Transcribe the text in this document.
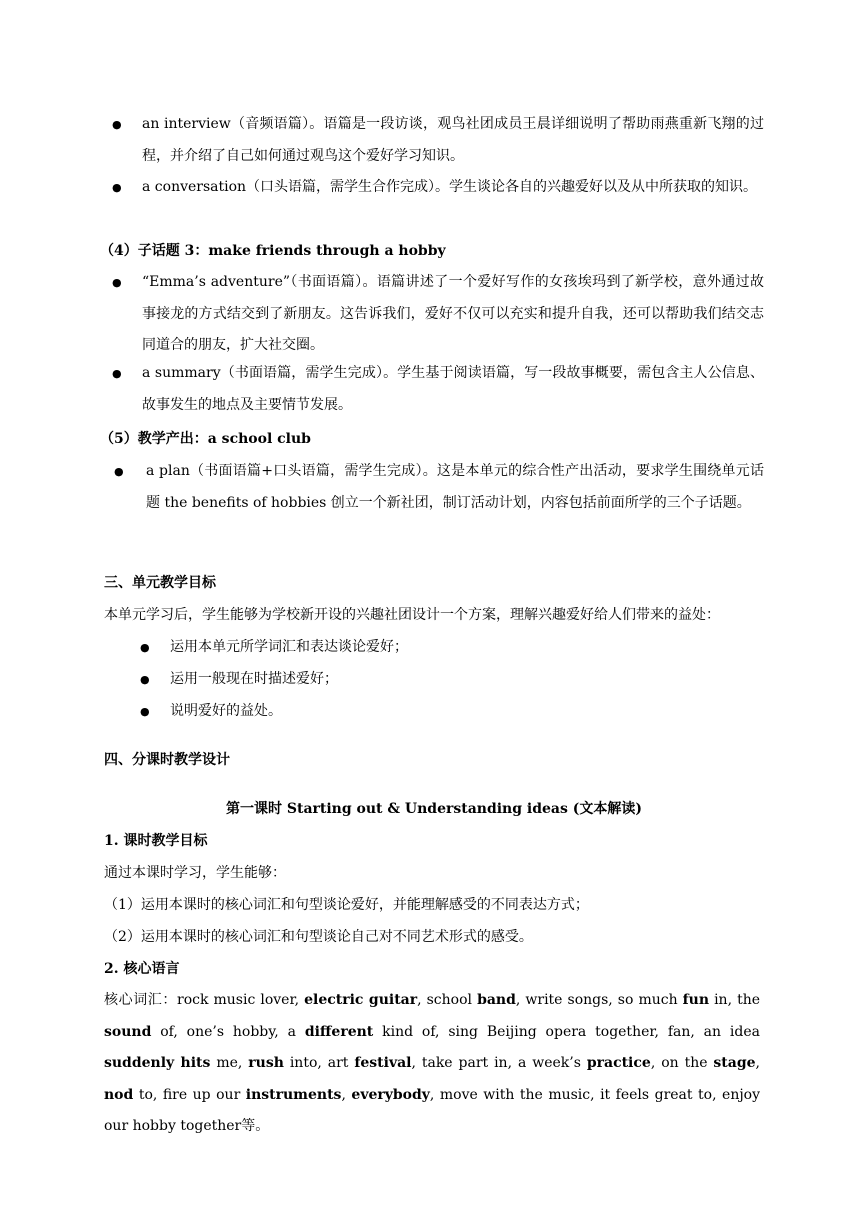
● an interview（音频语篇）。语篇是一段访谈，观鸟社团成员王晨详细说明了帮助雨燕重新飞翔的过程，并介绍了自己如何通过观鸟这个爱好学习知识。
● a conversation（口头语篇，需学生合作完成）。学生谈论各自的兴趣爱好以及从中所获取的知识。
（4）子话题 3：make friends through a hobby
● “Emma’s adventure”（书面语篇）。语篇讲述了一个爱好写作的女孩埃玛到了新学校，意外通过故事接龙的方式结交到了新朋友。这告诉我们，爱好不仅可以充实和提升自我，还可以帮助我们结交志同道合的朋友，扩大社交圈。
● a summary（书面语篇，需学生完成）。学生基于阅读语篇，写一段故事概要，需包含主人公信息、故事发生的地点及主要情节发展。
（5）教学产出：a school club
● a plan（书面语篇+口头语篇，需学生完成）。这是本单元的综合性产出活动，要求学生围绕单元话题 the benefits of hobbies 创立一个新社团，制订活动计划，内容包括前面所学的三个子话题。
三、单元教学目标
本单元学习后，学生能够为学校新开设的兴趣社团设计一个方案，理解兴趣爱好给人们带来的益处：
● 运用本单元所学词汇和表达谈论爱好；
● 运用一般现在时描述爱好；
● 说明爱好的益处。
四、分课时教学设计
第一课时 Starting out & Understanding ideas (文本解读)
1. 课时教学目标
通过本课时学习，学生能够：
（1）运用本课时的核心词汇和句型谈论爱好，并能理解感受的不同表达方式；
（2）运用本课时的核心词汇和句型谈论自己对不同艺术形式的感受。
2. 核心语言
核心词汇：rock music lover, electric guitar, school band, write songs, so much fun in, the sound of, one’s hobby, a different kind of, sing Beijing opera together, fan, an idea suddenly hits me, rush into, art festival, take part in, a week’s practice, on the stage, nod to, fire up our instruments, everybody, move with the music, it feels great to, enjoy our hobby together等。
